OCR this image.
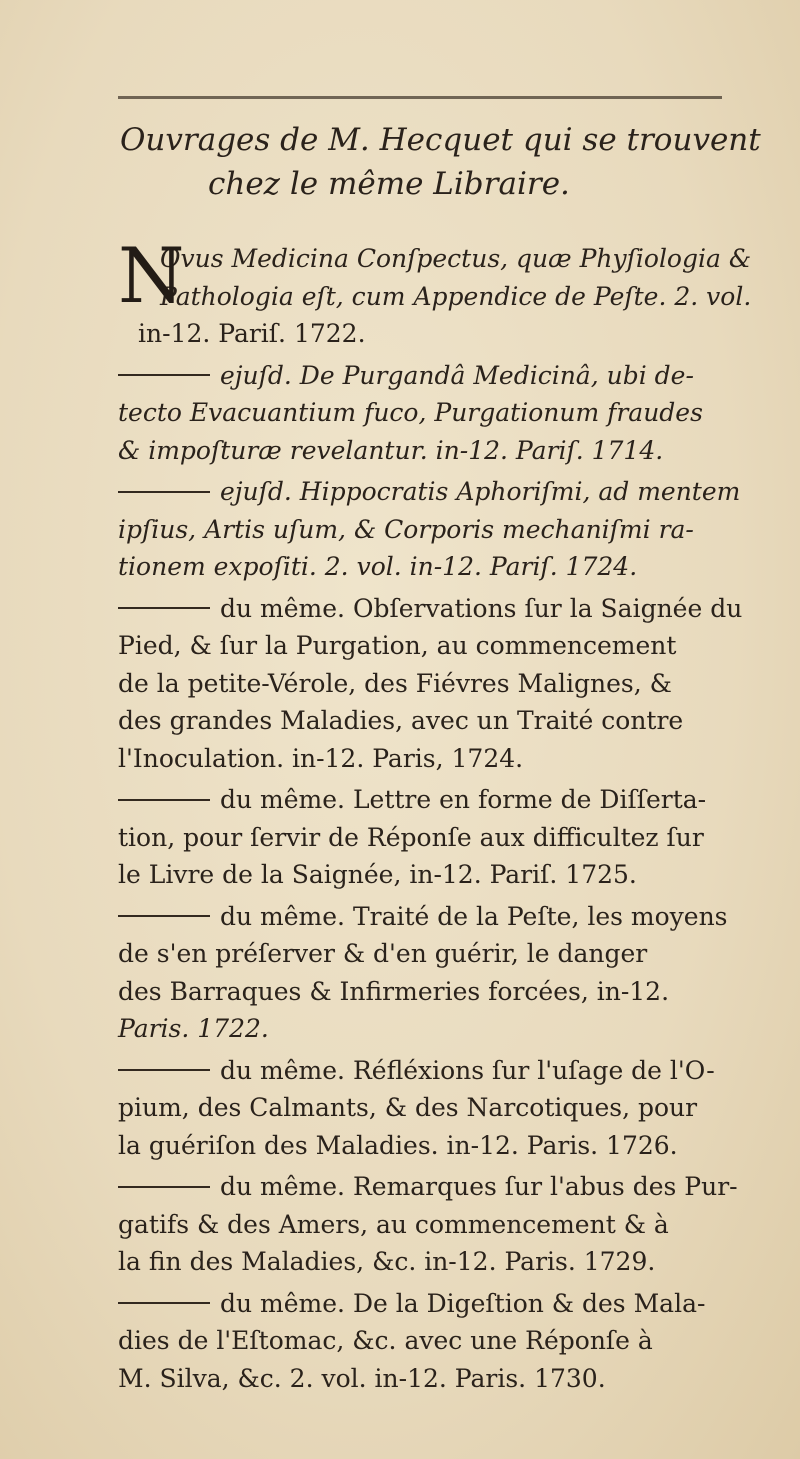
Ouvrages de M. Hecquet qui se trouvent
chez le même Libraire.
N
Ovus Medicina Conſpectus, quæ Phyſiologia &
Pathologia eſt, cum Appendice de Peſte. 2. vol.
in-12. Pariſ. 1722.
ejuſd. De Purgandâ Medicinâ, ubi de-
tecto Evacuantium fuco, Purgationum fraudes
& impoſturæ revelantur. in-12. Pariſ. 1714.
ejuſd. Hippocratis Aphoriſmi, ad mentem
ipſius, Artis uſum, & Corporis mechaniſmi ra-
tionem expoſiti. 2. vol. in-12. Pariſ. 1724.
du même. Obſervations ſur la Saignée du
Pied, & ſur la Purgation, au commencement
de la petite-Vérole, des Fiévres Malignes, &
des grandes Maladies, avec un Traité contre
l'Inoculation. in-12. Paris, 1724.
du même. Lettre en forme de Diſſerta-
tion, pour ſervir de Réponſe aux difficultez ſur
le Livre de la Saignée, in-12. Pariſ. 1725.
du même. Traité de la Peſte, les moyens
de s'en préſerver & d'en guérir, le danger
des Barraques & Infirmeries forcées, in-12.
Paris. 1722.
du même. Réfléxions ſur l'uſage de l'O-
pium, des Calmants, & des Narcotiques, pour
la guériſon des Maladies. in-12. Paris. 1726.
du même. Remarques ſur l'abus des Pur-
gatifs & des Amers, au commencement & à
la fin des Maladies, &c. in-12. Paris. 1729.
du même. De la Digeſtion & des Mala-
dies de l'Eſtomac, &c. avec une Réponſe à
M. Silva, &c. 2. vol. in-12. Paris. 1730.
